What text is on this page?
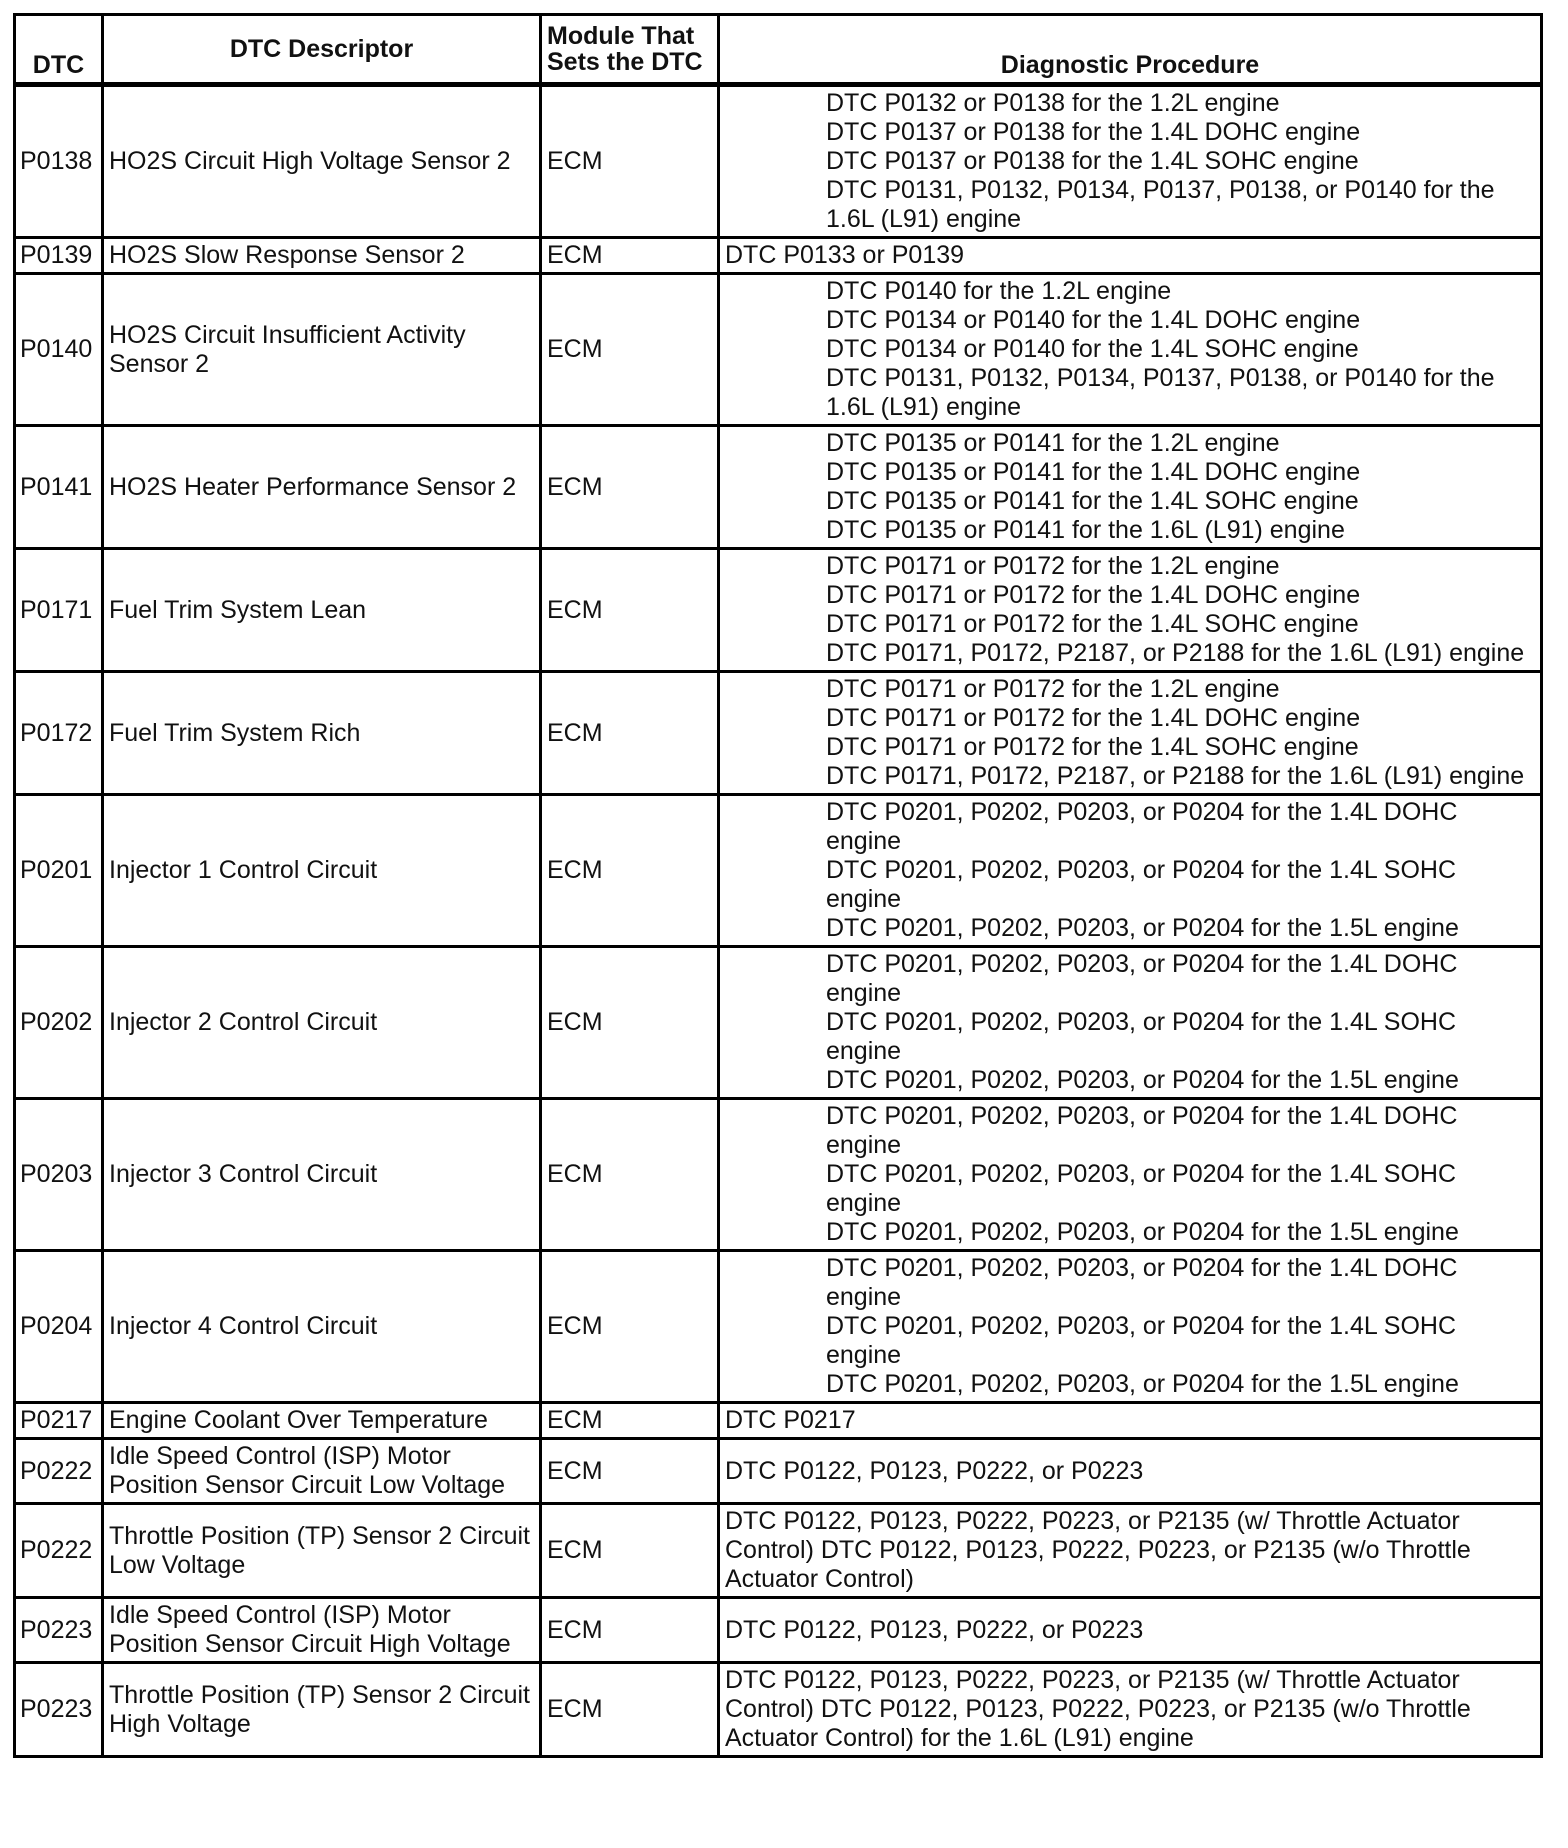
DTC	DTC Descriptor	Module That Sets the DTC	Diagnostic Procedure
P0138	HO2S Circuit High Voltage Sensor 2	ECM	DTC P0132 or P0138 for the 1.2L engine
DTC P0137 or P0138 for the 1.4L DOHC engine
DTC P0137 or P0138 for the 1.4L SOHC engine
DTC P0131, P0132, P0134, P0137, P0138, or P0140 for the 1.6L (L91) engine

P0139	HO2S Slow Response Sensor 2	ECM	DTC P0133 or P0139

P0140	HO2S Circuit Insufficient Activity Sensor 2	ECM	DTC P0140 for the 1.2L engine
DTC P0134 or P0140 for the 1.4L DOHC engine
DTC P0134 or P0140 for the 1.4L SOHC engine
DTC P0131, P0132, P0134, P0137, P0138, or P0140 for the 1.6L (L91) engine

P0141	HO2S Heater Performance Sensor 2	ECM	DTC P0135 or P0141 for the 1.2L engine
DTC P0135 or P0141 for the 1.4L DOHC engine
DTC P0135 or P0141 for the 1.4L SOHC engine
DTC P0135 or P0141 for the 1.6L (L91) engine

P0171	Fuel Trim System Lean	ECM	DTC P0171 or P0172 for the 1.2L engine
DTC P0171 or P0172 for the 1.4L DOHC engine
DTC P0171 or P0172 for the 1.4L SOHC engine
DTC P0171, P0172, P2187, or P2188 for the 1.6L (L91) engine

P0172	Fuel Trim System Rich	ECM	DTC P0171 or P0172 for the 1.2L engine
DTC P0171 or P0172 for the 1.4L DOHC engine
DTC P0171 or P0172 for the 1.4L SOHC engine
DTC P0171, P0172, P2187, or P2188 for the 1.6L (L91) engine

P0201	Injector 1 Control Circuit	ECM	DTC P0201, P0202, P0203, or P0204 for the 1.4L DOHC engine
DTC P0201, P0202, P0203, or P0204 for the 1.4L SOHC engine
DTC P0201, P0202, P0203, or P0204 for the 1.5L engine

P0202	Injector 2 Control Circuit	ECM	DTC P0201, P0202, P0203, or P0204 for the 1.4L DOHC engine
DTC P0201, P0202, P0203, or P0204 for the 1.4L SOHC engine
DTC P0201, P0202, P0203, or P0204 for the 1.5L engine

P0203	Injector 3 Control Circuit	ECM	DTC P0201, P0202, P0203, or P0204 for the 1.4L DOHC engine
DTC P0201, P0202, P0203, or P0204 for the 1.4L SOHC engine
DTC P0201, P0202, P0203, or P0204 for the 1.5L engine

P0204	Injector 4 Control Circuit	ECM	DTC P0201, P0202, P0203, or P0204 for the 1.4L DOHC engine
DTC P0201, P0202, P0203, or P0204 for the 1.4L SOHC engine
DTC P0201, P0202, P0203, or P0204 for the 1.5L engine

P0217	Engine Coolant Over Temperature	ECM	DTC P0217

P0222	Idle Speed Control (ISP) Motor Position Sensor Circuit Low Voltage	ECM	DTC P0122, P0123, P0222, or P0223

P0222	Throttle Position (TP) Sensor 2 Circuit Low Voltage	ECM	DTC P0122, P0123, P0222, P0223, or P2135 (w/ Throttle Actuator Control) DTC P0122, P0123, P0222, P0223, or P2135 (w/o Throttle Actuator Control)

P0223	Idle Speed Control (ISP) Motor Position Sensor Circuit High Voltage	ECM	DTC P0122, P0123, P0222, or P0223

P0223	Throttle Position (TP) Sensor 2 Circuit High Voltage	ECM	DTC P0122, P0123, P0222, P0223, or P2135 (w/ Throttle Actuator Control) DTC P0122, P0123, P0222, P0223, or P2135 (w/o Throttle Actuator Control) for the 1.6L (L91) engine
